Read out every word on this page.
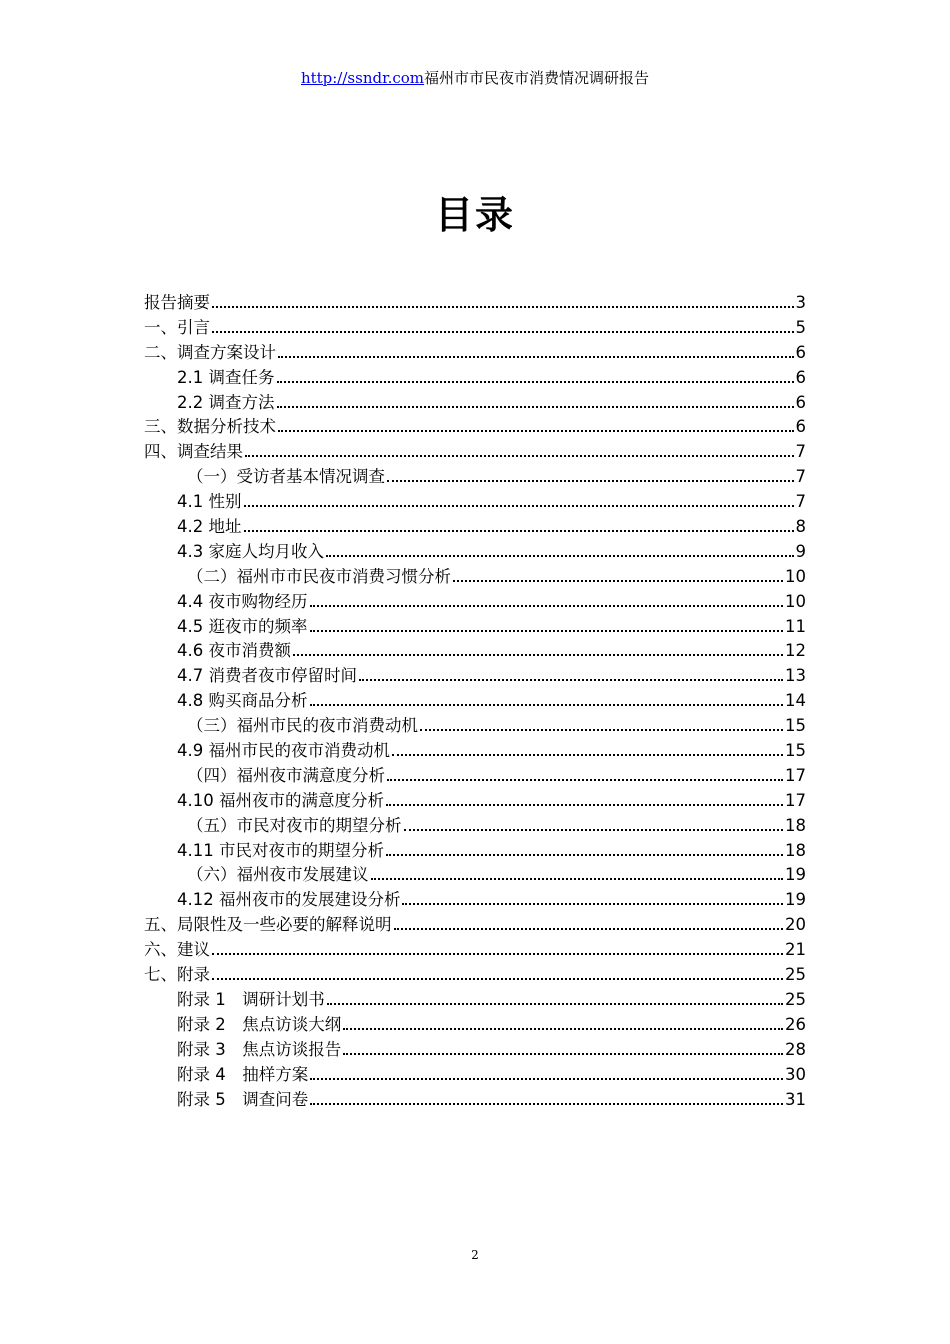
http://ssndr.com福州市市民夜市消费情况调研报告
目录
报告摘要	3
一、引言	5
二、调查方案设计	6
2.1 调查任务	6
2.2 调查方法	6
三、数据分析技术	6
四、调查结果	7
（一）受访者基本情况调查	7
4.1 性别	7
4.2 地址	8
4.3 家庭人均月收入	9
（二）福州市市民夜市消费习惯分析	10
4.4 夜市购物经历	10
4.5 逛夜市的频率	11
4.6 夜市消费额	12
4.7 消费者夜市停留时间	13
4.8 购买商品分析	14
（三）福州市民的夜市消费动机	15
4.9 福州市民的夜市消费动机	15
（四）福州夜市满意度分析	17
4.10 福州夜市的满意度分析	17
（五）市民对夜市的期望分析	18
4.11 市民对夜市的期望分析	18
（六）福州夜市发展建议	19
4.12 福州夜市的发展建设分析	19
五、局限性及一些必要的解释说明	20
六、建议	21
七、附录	25
附录 1　调研计划书	25
附录 2　焦点访谈大纲	26
附录 3　焦点访谈报告	28
附录 4　抽样方案	30
附录 5　调查问卷	31
2
